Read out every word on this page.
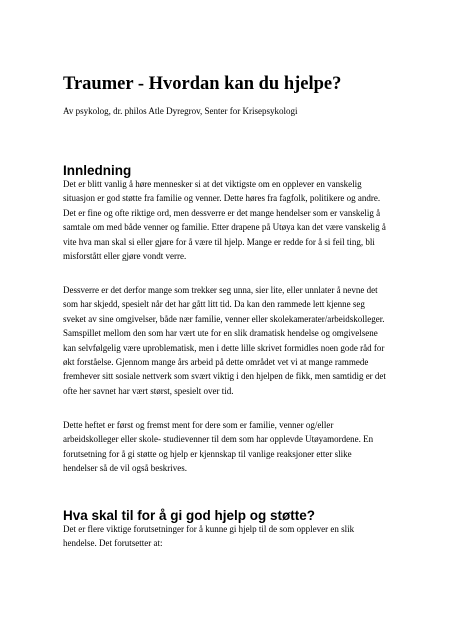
Traumer - Hvordan kan du hjelpe?

Av psykolog, dr. philos Atle Dyregrov, Senter for Krisepsykologi

Innledning
Det er blitt vanlig å høre mennesker si at det viktigste om en opplever en vanskelig
situasjon er god støtte fra familie og venner. Dette høres fra fagfolk, politikere og andre.
Det er fine og ofte riktige ord, men dessverre er det mange hendelser som er vanskelig å
samtale om med både venner og familie. Etter drapene på Utøya kan det være vanskelig å
vite hva man skal si eller gjøre for å være til hjelp. Mange er redde for å si feil ting, bli
misforstått eller gjøre vondt verre.
Dessverre er det derfor mange som trekker seg unna, sier lite, eller unnlater å nevne det
som har skjedd, spesielt når det har gått litt tid. Da kan den rammede lett kjenne seg
sveket av sine omgivelser, både nær familie, venner eller skolekamerater/arbeidskolleger.
Samspillet mellom den som har vært ute for en slik dramatisk hendelse og omgivelsene
kan selvfølgelig være uproblematisk, men i dette lille skrivet formidles noen gode råd for
økt forståelse. Gjennom mange års arbeid på dette området vet vi at mange rammede
fremhever sitt sosiale nettverk som svært viktig i den hjelpen de fikk, men samtidig er det
ofte her savnet har vært størst, spesielt over tid.
Dette heftet er først og fremst ment for dere som er familie, venner og/eller
arbeidskolleger eller skole- studievenner til dem som har opplevde Utøyamordene. En
forutsetning for å gi støtte og hjelp er kjennskap til vanlige reaksjoner etter slike
hendelser så de vil også beskrives.
Hva skal til for å gi god hjelp og støtte?
Det er flere viktige forutsetninger for å kunne gi hjelp til de som opplever en slik
hendelse. Det forutsetter at:
